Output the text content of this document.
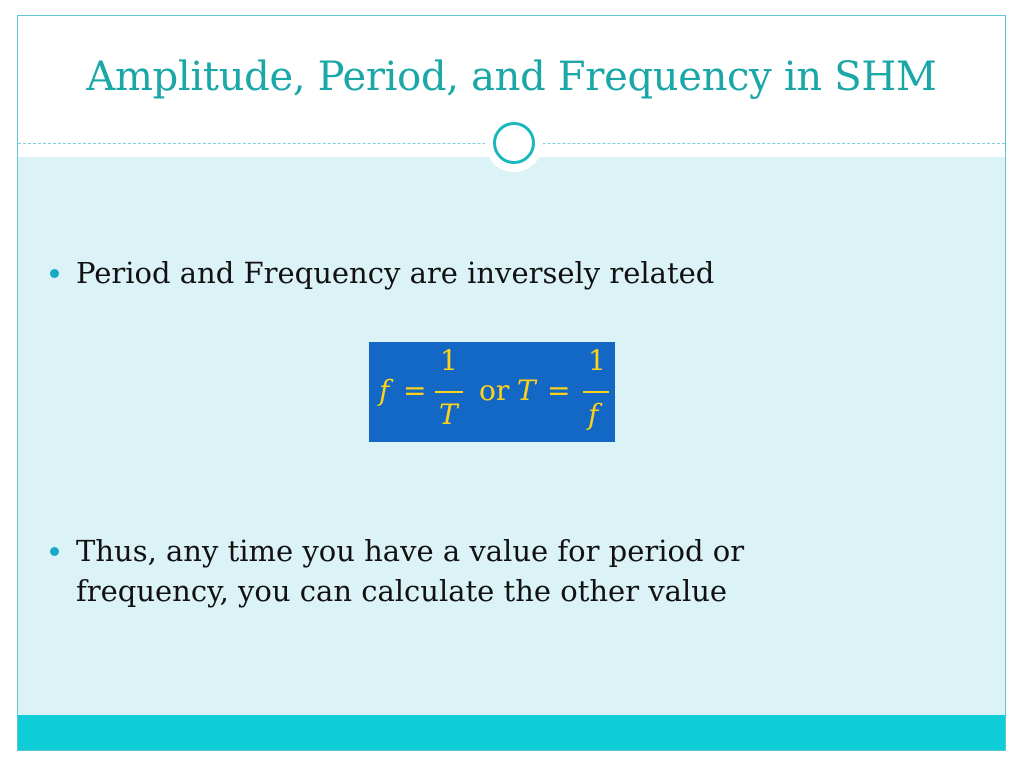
Amplitude, Period, and Frequency in SHM
Period and Frequency are inversely related
f =
1
T
or T =
1
f
Thus, any time you have a value for period or
frequency, you can calculate the other value
